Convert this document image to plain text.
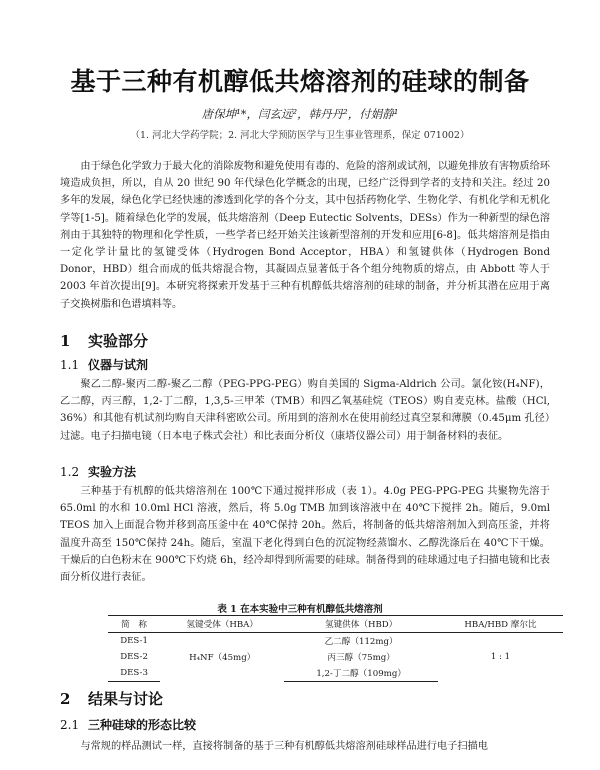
基于三种有机醇低共熔溶剂的硅球的制备
唐保坤¹*，闫玄远²，韩丹丹²，付娟静¹
（1. 河北大学药学院；2. 河北大学预防医学与卫生事业管理系，保定 071002）

由于绿色化学致力于最大化的消除废物和避免使用有毒的、危险的溶剂或试剂，以避免排放有害物质给环境造成负担，所以，自从 20 世纪 90 年代绿色化学概念的出现，已经广泛得到学者的支持和关注。经过 20 多年的发展，绿色化学已经快速的渗透到化学的各个分支，其中包括药物化学、生物化学、有机化学和无机化学等[1-5]。随着绿色化学的发展，低共熔溶剂（Deep Eutectic Solvents，DESs）作为一种新型的绿色溶剂由于其独特的物理和化学性质，一些学者已经开始关注该新型溶剂的开发和应用[6-8]。低共熔溶剂是指由一定化学计量比的氢键受体（Hydrogen Bond Acceptor，HBA）和氢键供体（Hydrogen Bond Donor，HBD）组合而成的低共熔混合物，其凝固点显著低于各个组分纯物质的熔点，由 Abbott 等人于 2003 年首次提出[9]。本研究将探索开发基于三种有机醇低共熔溶剂的硅球的制备，并分析其潜在应用于离子交换树脂和色谱填料等。

1 实验部分
1.1 仪器与试剂

聚乙二醇-聚丙二醇-聚乙二醇（PEG-PPG-PEG）购自美国的 Sigma-Aldrich 公司。氯化铵(H₄NF)，乙二醇，丙三醇，1,2-丁二醇，1,3,5-三甲苯（TMB）和四乙氧基硅烷（TEOS）购自麦克林。盐酸（HCl, 36%）和其他有机试剂均购自天津科密欧公司。所用到的溶剂水在使用前经过真空泵和薄膜（0.45μm 孔径）过滤。电子扫描电镜（日本电子株式会社）和比表面分析仪（康塔仪器公司）用于制备材料的表征。

1.2 实验方法

三种基于有机醇的低共熔溶剂在 100℃下通过搅拌形成（表 1）。4.0g PEG-PPG-PEG 共聚物先溶于 65.0ml 的水和 10.0ml HCl 溶液，然后，将 5.0g TMB 加到该溶液中在 40℃下搅拌 2h。随后，9.0ml TEOS 加入上面混合物并移到高压釜中在 40℃保持 20h。然后，将制备的低共熔溶剂加入到高压釜，并将温度升高至 150℃保持 24h。随后，室温下老化得到白色的沉淀物经蒸馏水、乙醇洗涤后在 40℃下干燥。干燥后的白色粉末在 900℃下灼烧 6h，经冷却得到所需要的硅球。制备得到的硅球通过电子扫描电镜和比表面分析仪进行表征。

表 1 在本实验中三种有机醇低共熔溶剂
简　称	氢键受体（HBA）	氢键供体（HBD）	HBA/HBD 摩尔比
DES-1	H₄NF（45mg）	乙二醇（112mg）	1 : 1
DES-2		丙三醇（75mg）	
DES-3		1,2-丁二醇（109mg）	
2 结果与讨论
2.1 三种硅球的形态比较

与常规的样品测试一样，直接将制备的基于三种有机醇低共熔溶剂硅球样品进行电子扫描电
